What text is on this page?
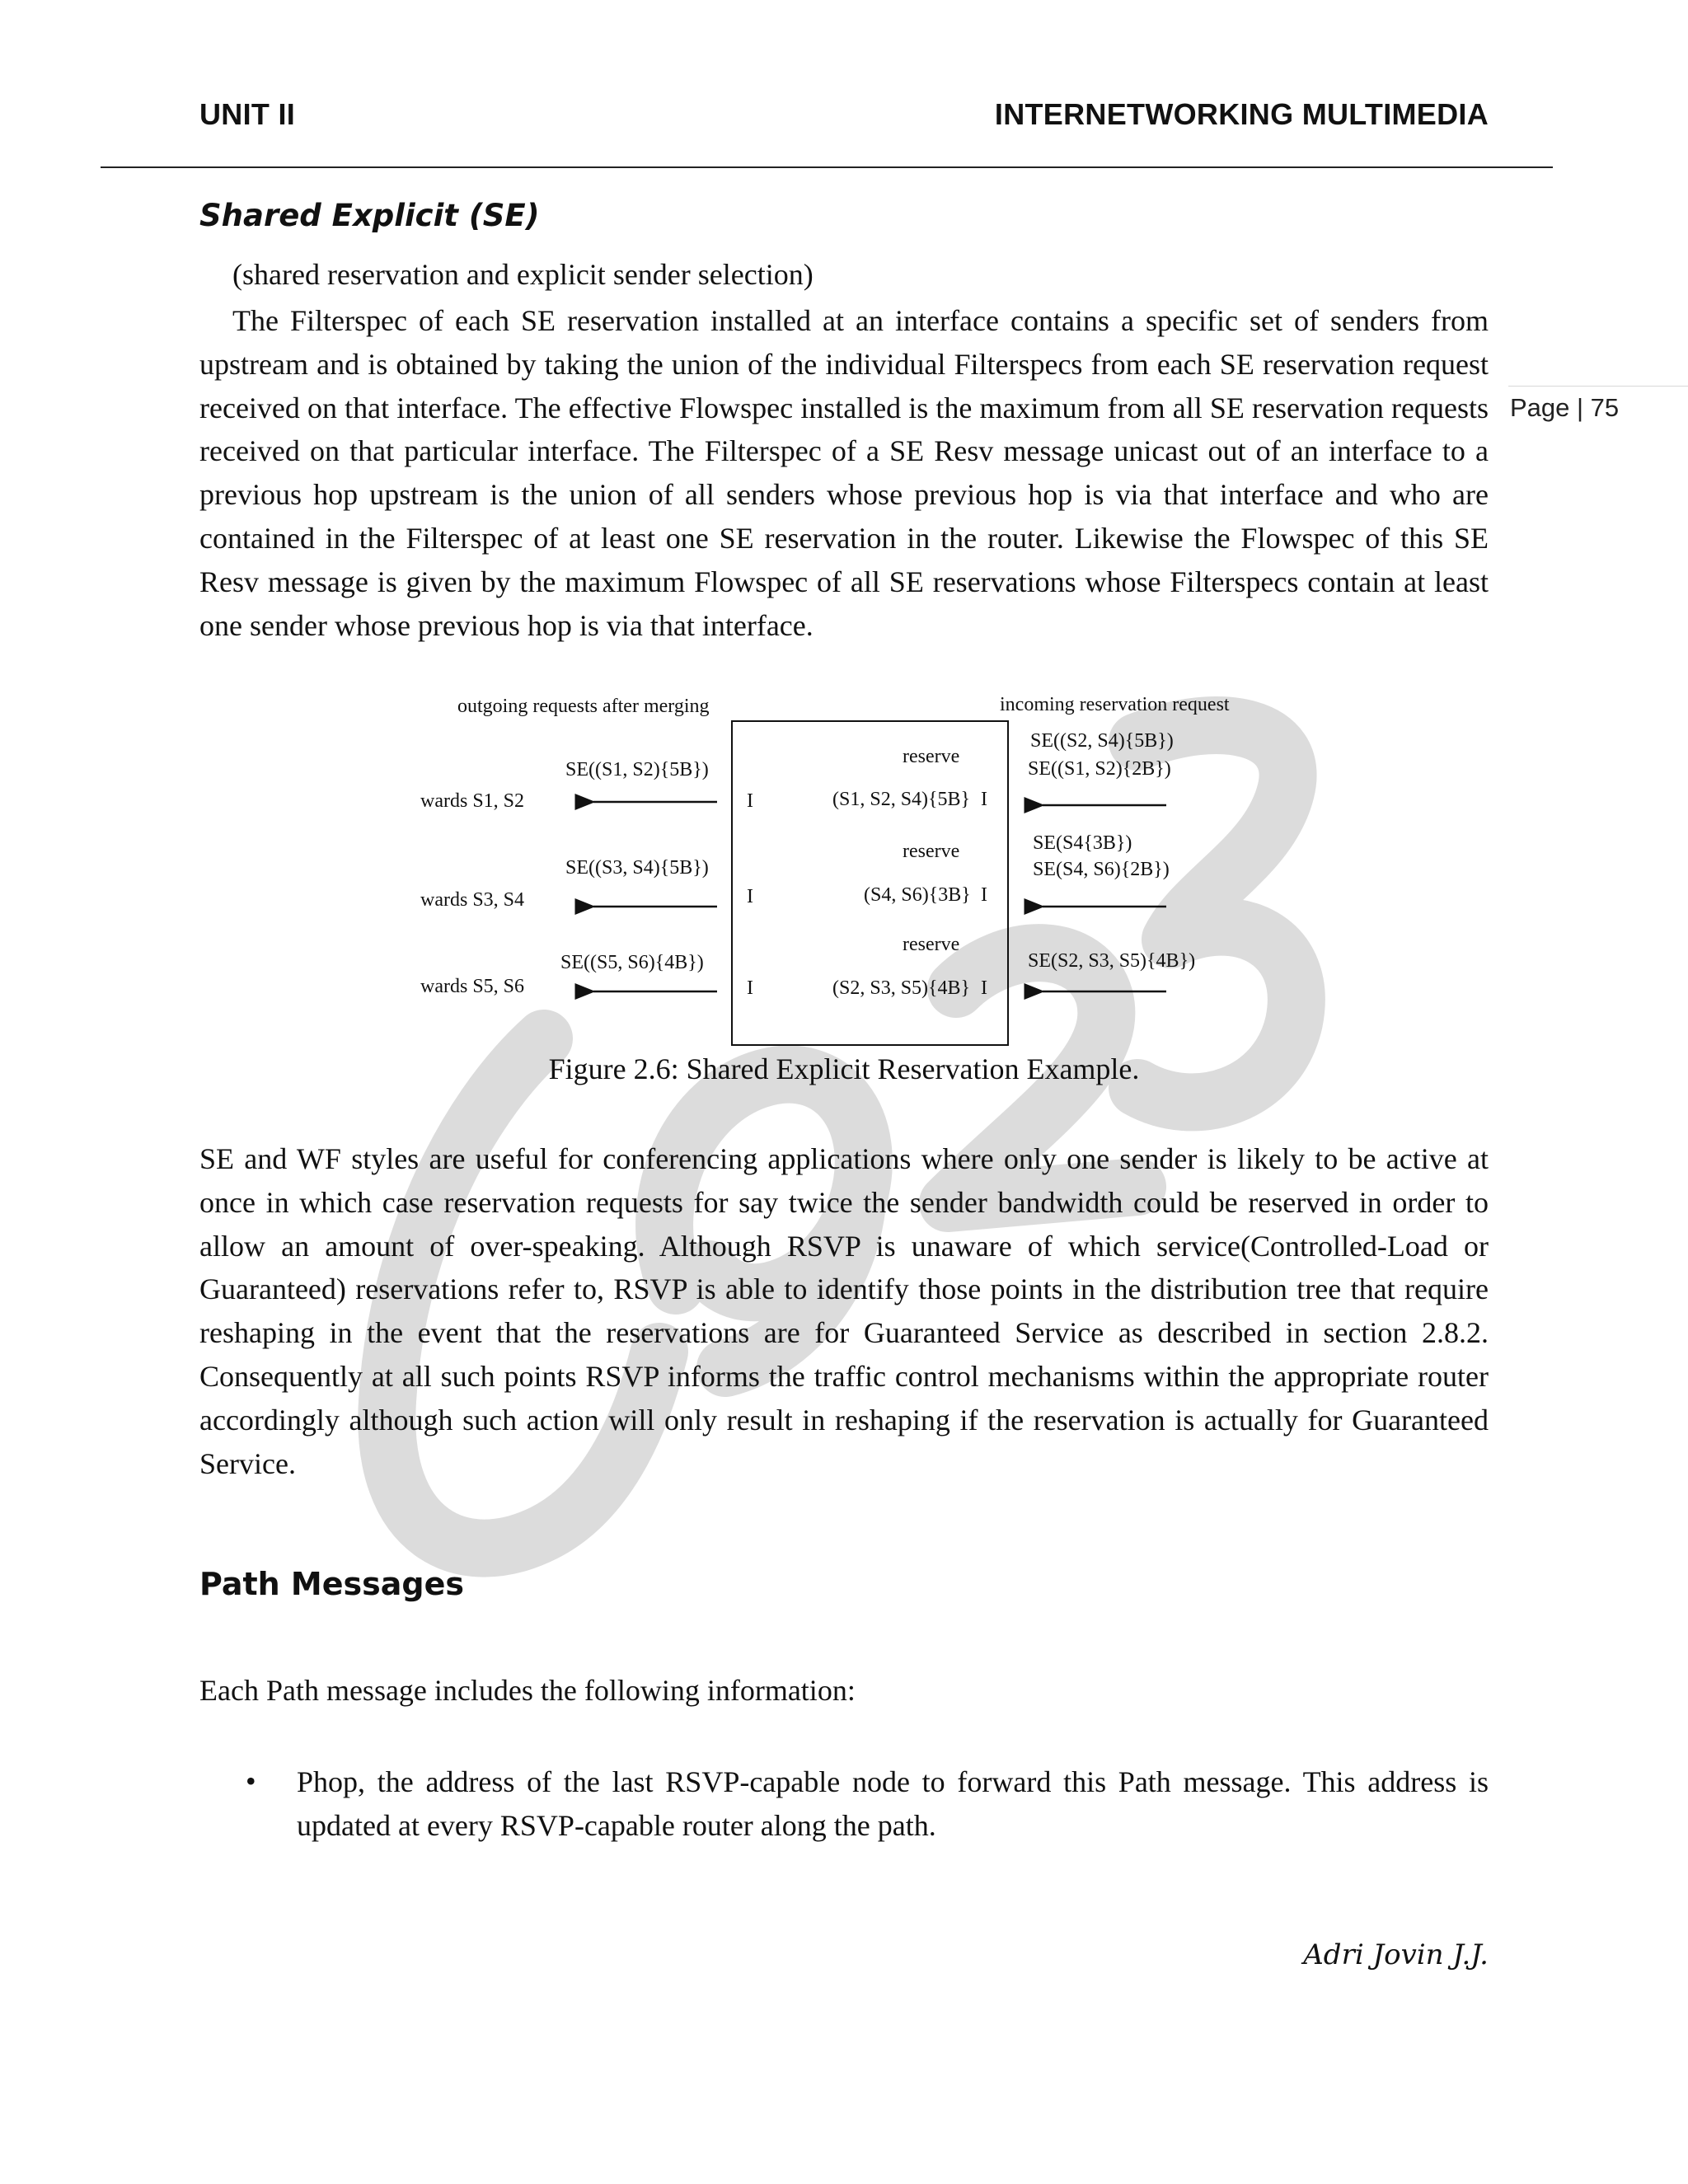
UNIT II	INTERNETWORKING MULTIMEDIA
Page | 75
Shared Explicit (SE)
(shared reservation and explicit sender selection)
The Filterspec of each SE reservation installed at an interface contains a specific set of senders from upstream and is obtained by taking the union of the individual Filterspecs from each SE reservation request received on that interface. The effective Flowspec installed is the maximum from all SE reservation requests received on that particular interface. The Filterspec of a SE Resv message unicast out of an interface to a previous hop upstream is the union of all senders whose previous hop is via that interface and who are contained in the Filterspec of at least one SE reservation in the router. Likewise the Flowspec of this SE Resv message is given by the maximum Flowspec of all SE reservations whose Filterspecs contain at least one sender whose previous hop is via that interface.
outgoing requests after merging	incoming reservation request
SE((S1, S2){5B})
wards S1, S2	I
reserve
(S1, S2, S4){5B} I
SE((S2, S4){5B})
SE((S1, S2){2B})
SE((S3, S4){5B})
wards S3, S4	I
reserve
(S4, S6){3B} I
SE(S4{3B})
SE(S4, S6){2B})
SE((S5, S6){4B})
wards S5, S6	I
reserve
(S2, S3, S5){4B} I
SE(S2, S3, S5){4B})
Figure 2.6: Shared Explicit Reservation Example.
SE and WF styles are useful for conferencing applications where only one sender is likely to be active at once in which case reservation requests for say twice the sender bandwidth could be reserved in order to allow an amount of over-speaking. Although RSVP is unaware of which service(Controlled-Load or Guaranteed) reservations refer to, RSVP is able to identify those points in the distribution tree that require reshaping in the event that the reservations are for Guaranteed Service as described in section 2.8.2. Consequently at all such points RSVP informs the traffic control mechanisms within the appropriate router accordingly although such action will only result in reshaping if the reservation is actually for Guaranteed Service.
Path Messages
Each Path message includes the following information:
• Phop, the address of the last RSVP-capable node to forward this Path message. This address is updated at every RSVP-capable router along the path.
Adri Jovin J.J.
